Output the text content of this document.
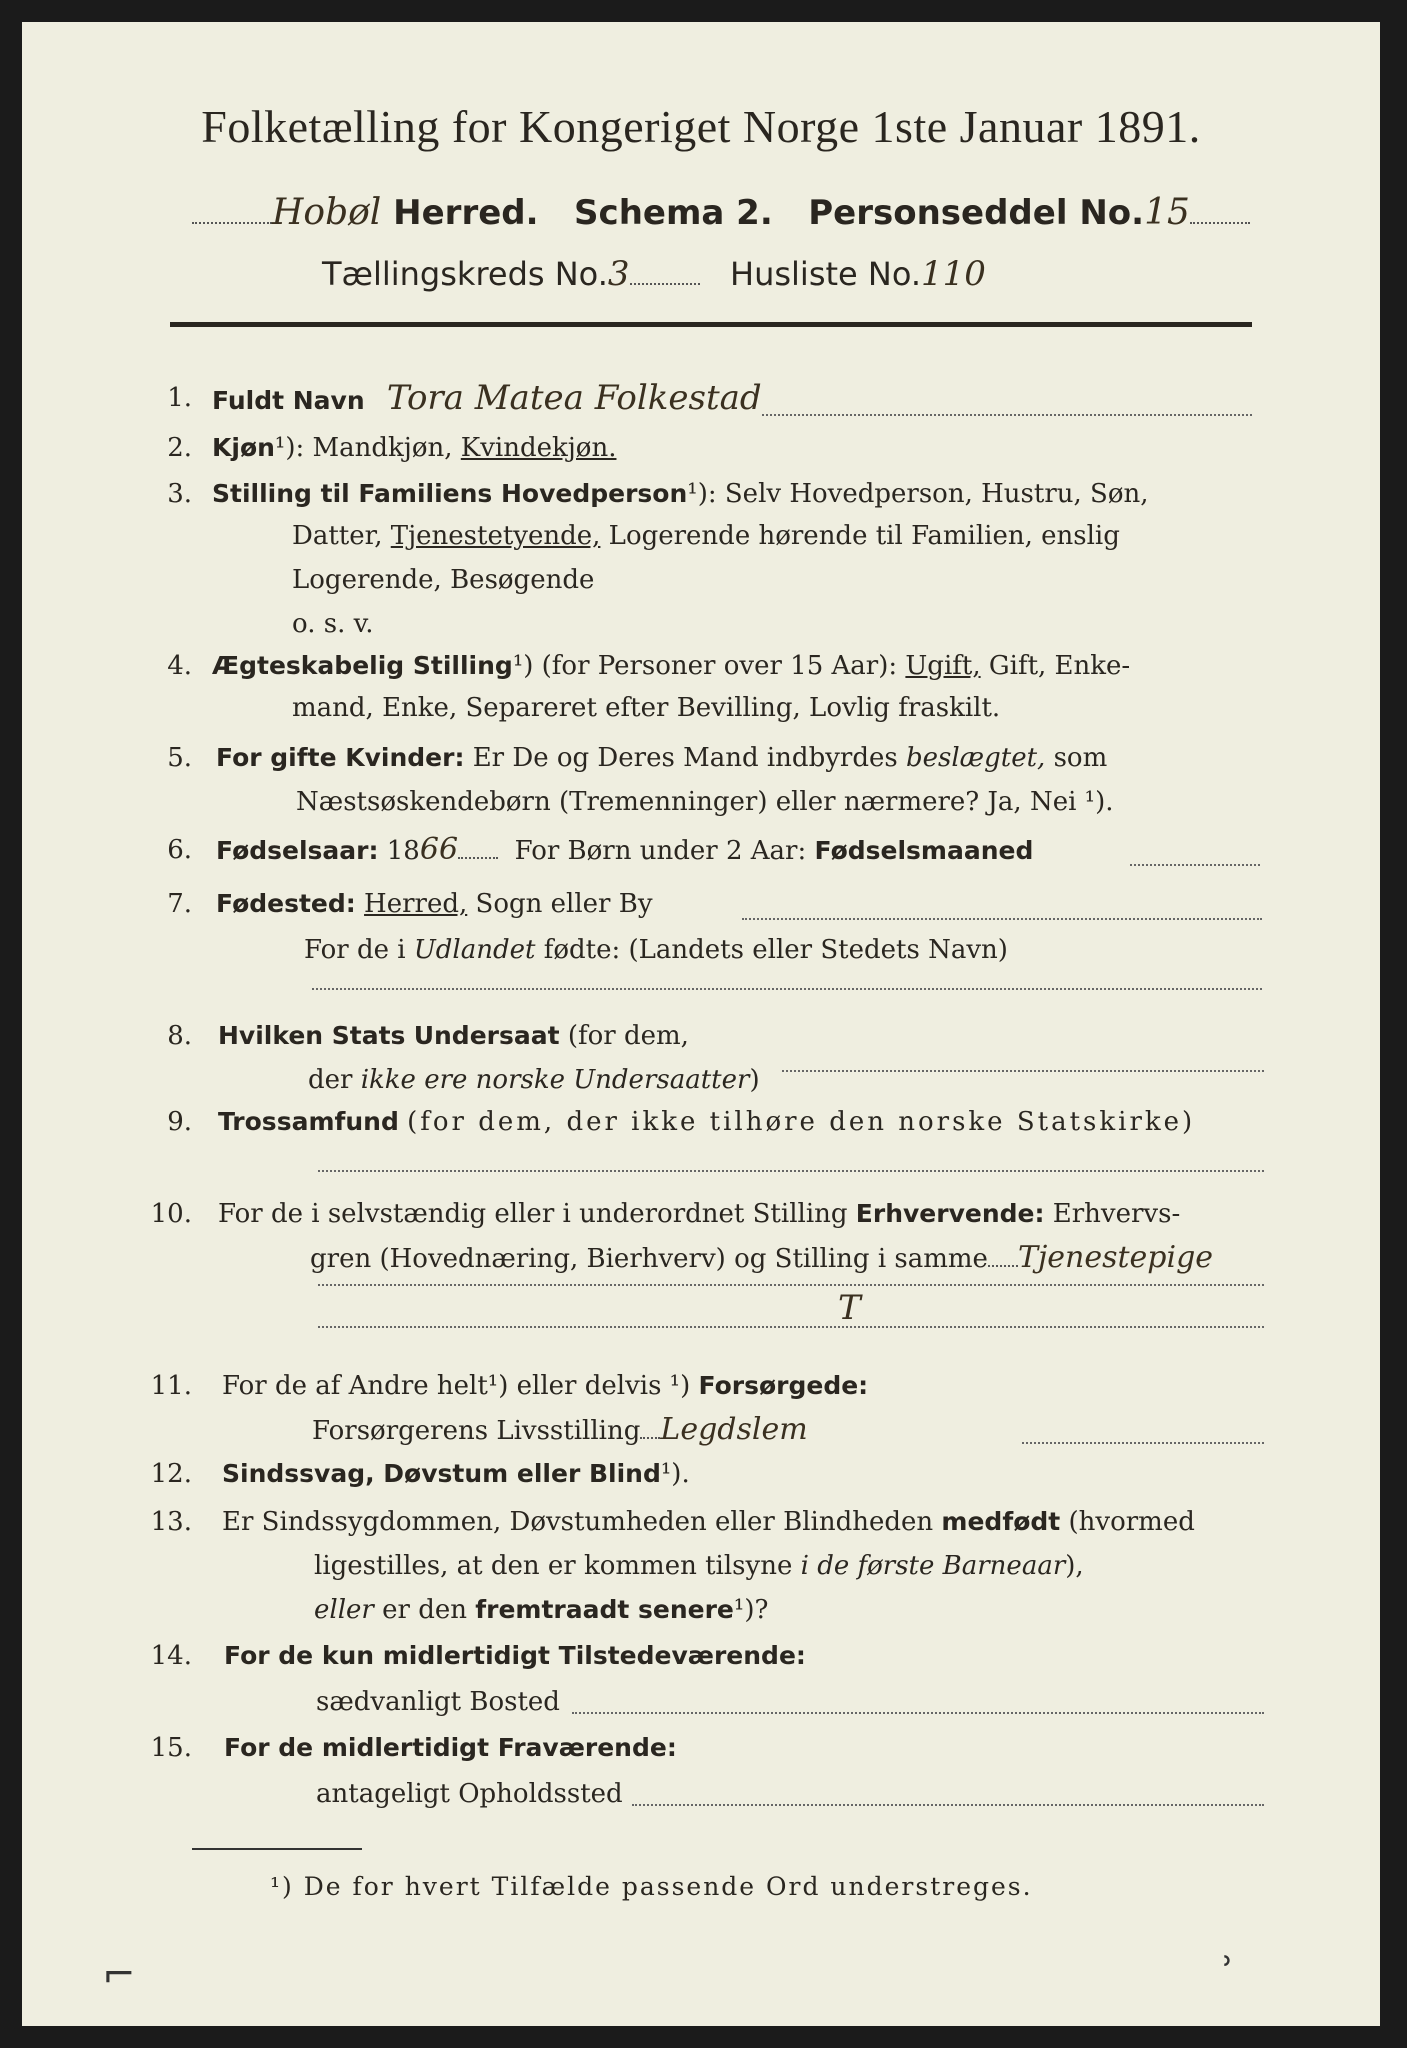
Folketælling for Kongeriget Norge 1ste Januar 1891.
Hobøl Herred. Schema 2. Personseddel No.15
Tællingskreds No.3	Husliste No.110
1. Fuldt Navn Tora Matea Folkestad
2. Kjøn¹): Mandkjøn, Kvindekjøn.
3. Stilling til Familiens Hovedperson¹): Selv Hovedperson, Hustru, Søn,
Datter, Tjenestetyende, Logerende hørende til Familien, enslig
Logerende, Besøgende
o. s. v.
4. Ægteskabelig Stilling¹) (for Personer over 15 Aar): Ugift, Gift, Enke-
mand, Enke, Separeret efter Bevilling, Lovlig fraskilt.
5. For gifte Kvinder: Er De og Deres Mand indbyrdes beslægtet, som
Næstsøskendebørn (Tremenninger) eller nærmere? Ja, Nei ¹).
6. Fødselsaar: 1866 For Børn under 2 Aar: Fødselsmaaned
7. Fødested: Herred, Sogn eller By
For de i Udlandet fødte: (Landets eller Stedets Navn)
8. Hvilken Stats Undersaat (for dem,
der ikke ere norske Undersaatter)
9. Trossamfund (for dem, der ikke tilhøre den norske Statskirke)
10. For de i selvstændig eller i underordnet Stilling Erhvervende: Erhvervs-
gren (Hovednæring, Bierhverv) og Stilling i samme Tjenestepige
T
11. For de af Andre helt¹) eller delvis ¹) Forsørgede:
Forsørgerens Livsstilling Legdslem
12. Sindssvag, Døvstum eller Blind¹).
13. Er Sindssygdommen, Døvstumheden eller Blindheden medfødt (hvormed
ligestilles, at den er kommen tilsyne i de første Barneaar),
eller er den fremtraadt senere¹)?
14. For de kun midlertidigt Tilstedeværende:
sædvanligt Bosted
15. For de midlertidigt Fraværende:
antageligt Opholdssted
¹) De for hvert Tilfælde passende Ord understreges.
⌐	˒
